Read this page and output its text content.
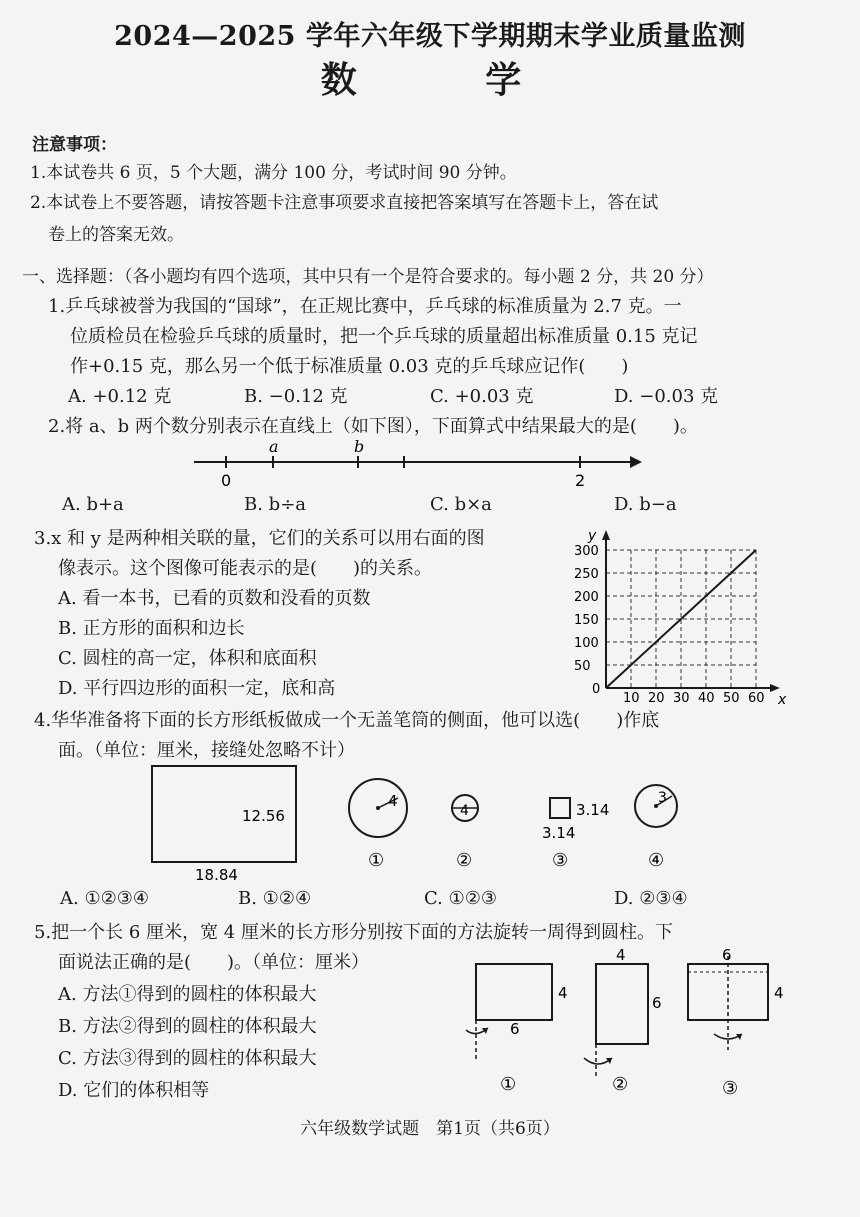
2024—2025 学年六年级下学期期末学业质量监测
数 学
注意事项：
1.本试卷共 6 页，5 个大题，满分 100 分，考试时间 90 分钟。
2.本试卷上不要答题，请按答题卡注意事项要求直接把答案填写在答题卡上，答在试
卷上的答案无效。
一、选择题：（各小题均有四个选项，其中只有一个是符合要求的。每小题 2 分，共 20 分）
1.乒乓球被誉为我国的“国球”，在正规比赛中，乒乓球的标准质量为 2.7 克。一
位质检员在检验乒乓球的质量时，把一个乒乓球的质量超出标准质量 0.15 克记
作+0.15 克，那么另一个低于标准质量 0.03 克的乒乓球应记作(　　)
A. +0.12 克	B. −0.12 克	C. +0.03 克	D. −0.03 克
2.将 a、b 两个数分别表示在直线上（如下图），下面算式中结果最大的是(　　)。
a	b
0	2
A. b+a	B. b÷a	C. b×a	D. b−a
3.x 和 y 是两种相关联的量，它们的关系可以用右面的图
像表示。这个图像可能表示的是(　　)的关系。
A. 看一本书，已看的页数和没看的页数
B. 正方形的面积和边长
C. 圆柱的高一定，体积和底面积
D. 平行四边形的面积一定，底和高	10 20 30 40 50 60
0
50
100
150
200
250
300
x
y
4.华华准备将下面的长方形纸板做成一个无盖笔筒的侧面，他可以选(　　)作底
面。（单位：厘米，接缝处忽略不计）
12.56
18.84
4
①
4
②
3.14
3.14
③
3
④
A. ①②③④	B. ①②④	C. ①②③	D. ②③④
5.把一个长 6 厘米，宽 4 厘米的长方形分别按下面的方法旋转一周得到圆柱。下
面说法正确的是(　　)。（单位：厘米）
A. 方法①得到的圆柱的体积最大
B. 方法②得到的圆柱的体积最大
C. 方法③得到的圆柱的体积最大
D. 它们的体积相等
4
6
①
4
6
②
6
4
③
六年级数学试题　第1页（共6页）
